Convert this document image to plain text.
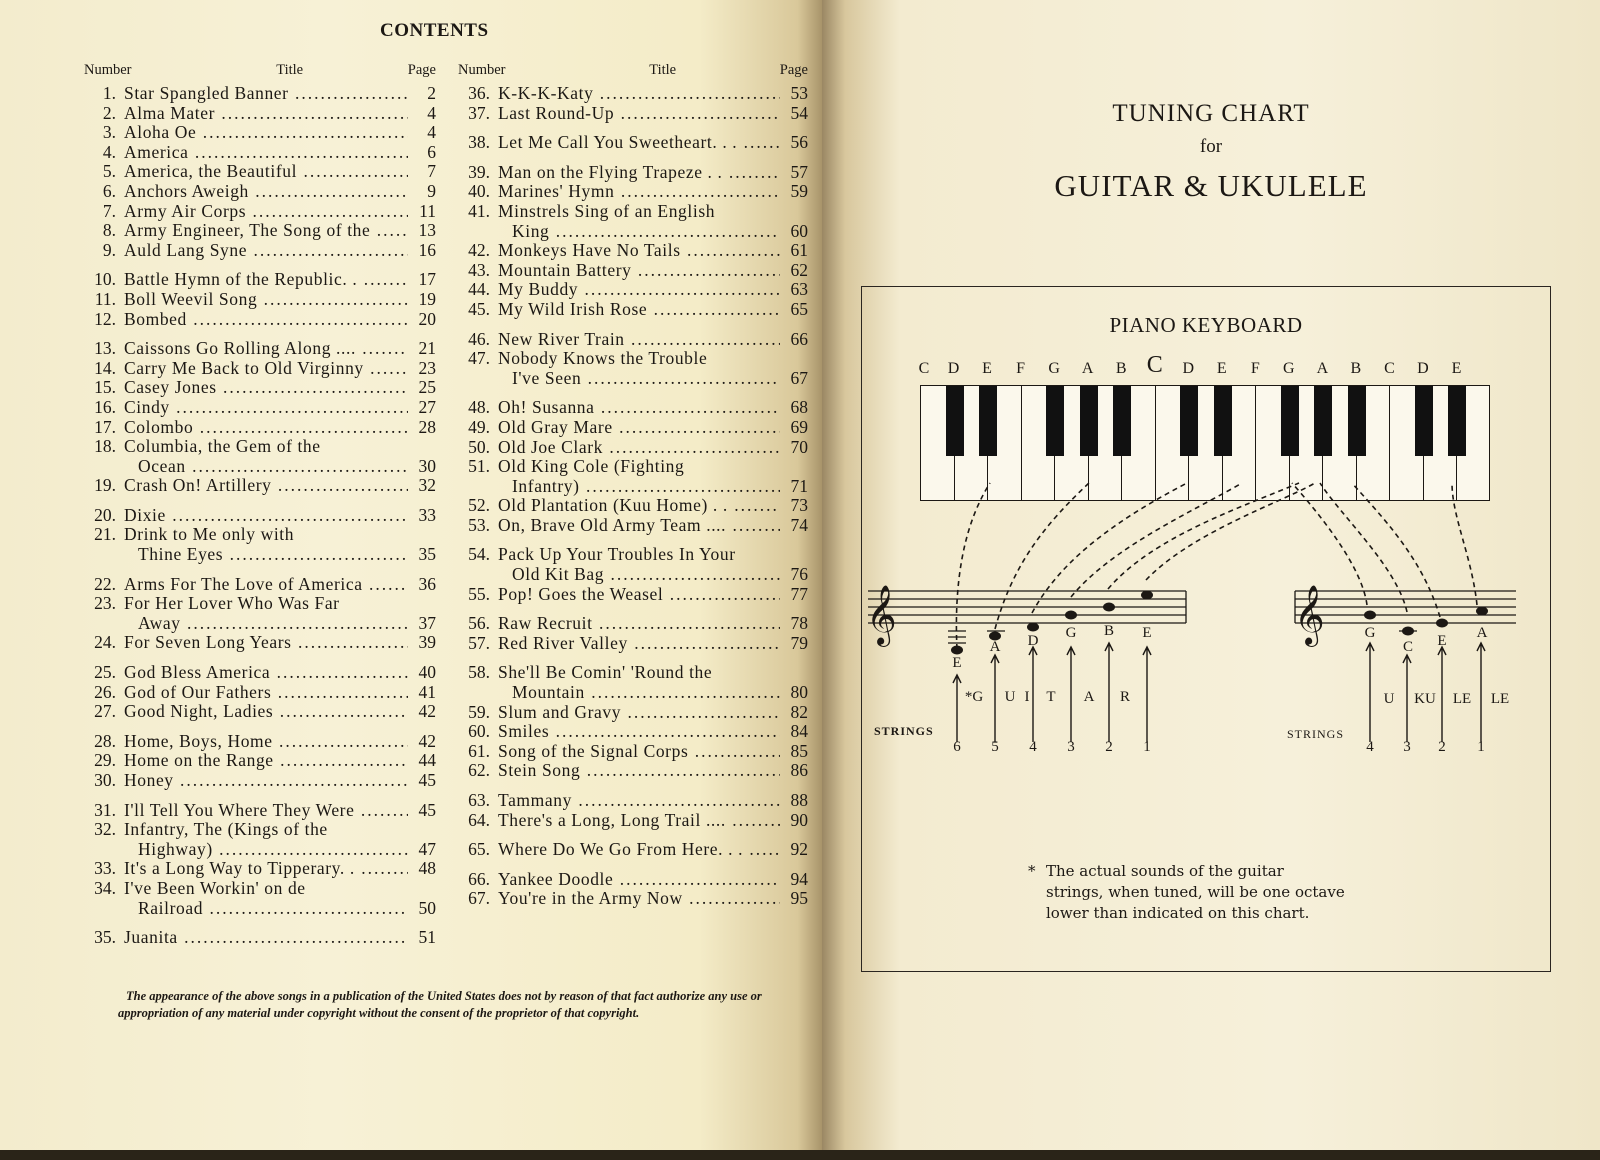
CONTENTS
Number	Title	Page
1. Star Spangled Banner .....	2
2. Alma Mater .....	4
3. Aloha Oe .....	4
4. America .....	6
5. America, the Beautiful .....	7
6. Anchors Aweigh .....	9
7. Army Air Corps .....	11
8. Army Engineer, The Song of the .....	13
9. Auld Lang Syne .....	16
10. Battle Hymn of the Republic. . .....	17
11. Boll Weevil Song .....	19
12. Bombed .....	20
13. Caissons Go Rolling Along .... .....	21
14. Carry Me Back to Old Virginny .....	23
15. Casey Jones .....	25
16. Cindy .....	27
17. Colombo .....	28
18. Columbia, the Gem of the
Ocean .....	30
19. Crash On! Artillery .....	32
20. Dixie .....	33
21. Drink to Me only with
Thine Eyes .....	35
22. Arms For The Love of America .....	36
23. For Her Lover Who Was Far
Away .....	37
24. For Seven Long Years .....	39
25. God Bless America .....	40
26. God of Our Fathers .....	41
27. Good Night, Ladies .....	42
28. Home, Boys, Home .....	42
29. Home on the Range .....	44
30. Honey .....	45
31. I'll Tell You Where They Were .....	45
32. Infantry, The (Kings of the
Highway) .....	47
33. It's a Long Way to Tipperary. . .....	48
34. I've Been Workin' on de
Railroad .....	50
35. Juanita .....	51
Number	Title	Page
36. K-K-K-Katy .....	53
37. Last Round-Up .....	54
38. Let Me Call You Sweetheart. . . .....	56
39. Man on the Flying Trapeze . . .....	57
40. Marines' Hymn .....	59
41. Minstrels Sing of an English
King .....	60
42. Monkeys Have No Tails .....	61
43. Mountain Battery .....	62
44. My Buddy .....	63
45. My Wild Irish Rose .....	65
46. New River Train .....	66
47. Nobody Knows the Trouble
I've Seen .....	67
48. Oh! Susanna .....	68
49. Old Gray Mare .....	69
50. Old Joe Clark .....	70
51. Old King Cole (Fighting
Infantry) .....	71
52. Old Plantation (Kuu Home) . . .....	73
53. On, Brave Old Army Team .... .....	74
54. Pack Up Your Troubles In Your
Old Kit Bag .....	76
55. Pop! Goes the Weasel .....	77
56. Raw Recruit .....	78
57. Red River Valley .....	79
58. She'll Be Comin' 'Round the
Mountain .....	80
59. Slum and Gravy .....	82
60. Smiles .....	84
61. Song of the Signal Corps .....	85
62. Stein Song .....	86
63. Tammany .....	88
64. There's a Long, Long Trail .... .....	90
65. Where Do We Go From Here. . . .....	92
66. Yankee Doodle .....	94
67. You're in the Army Now .....	95
The appearance of the above songs in a publication of the United States does not by reason of that fact authorize any use or appropriation of any material under copyright without the consent of the proprietor of that copyright.
TUNING CHART
for
GUITAR & UKULELE
PIANO KEYBOARD
C D E F G A B C D E F G A B C D E
𝄞	𝄞
E
A D G B E
*G U I T A R
STRINGS
6 5 4 3 2 1
G
C E A
U KU LE LE
STRINGS
4 3 2 1
* The actual sounds of the guitar strings, when tuned, will be one octave lower than indicated on this chart.
